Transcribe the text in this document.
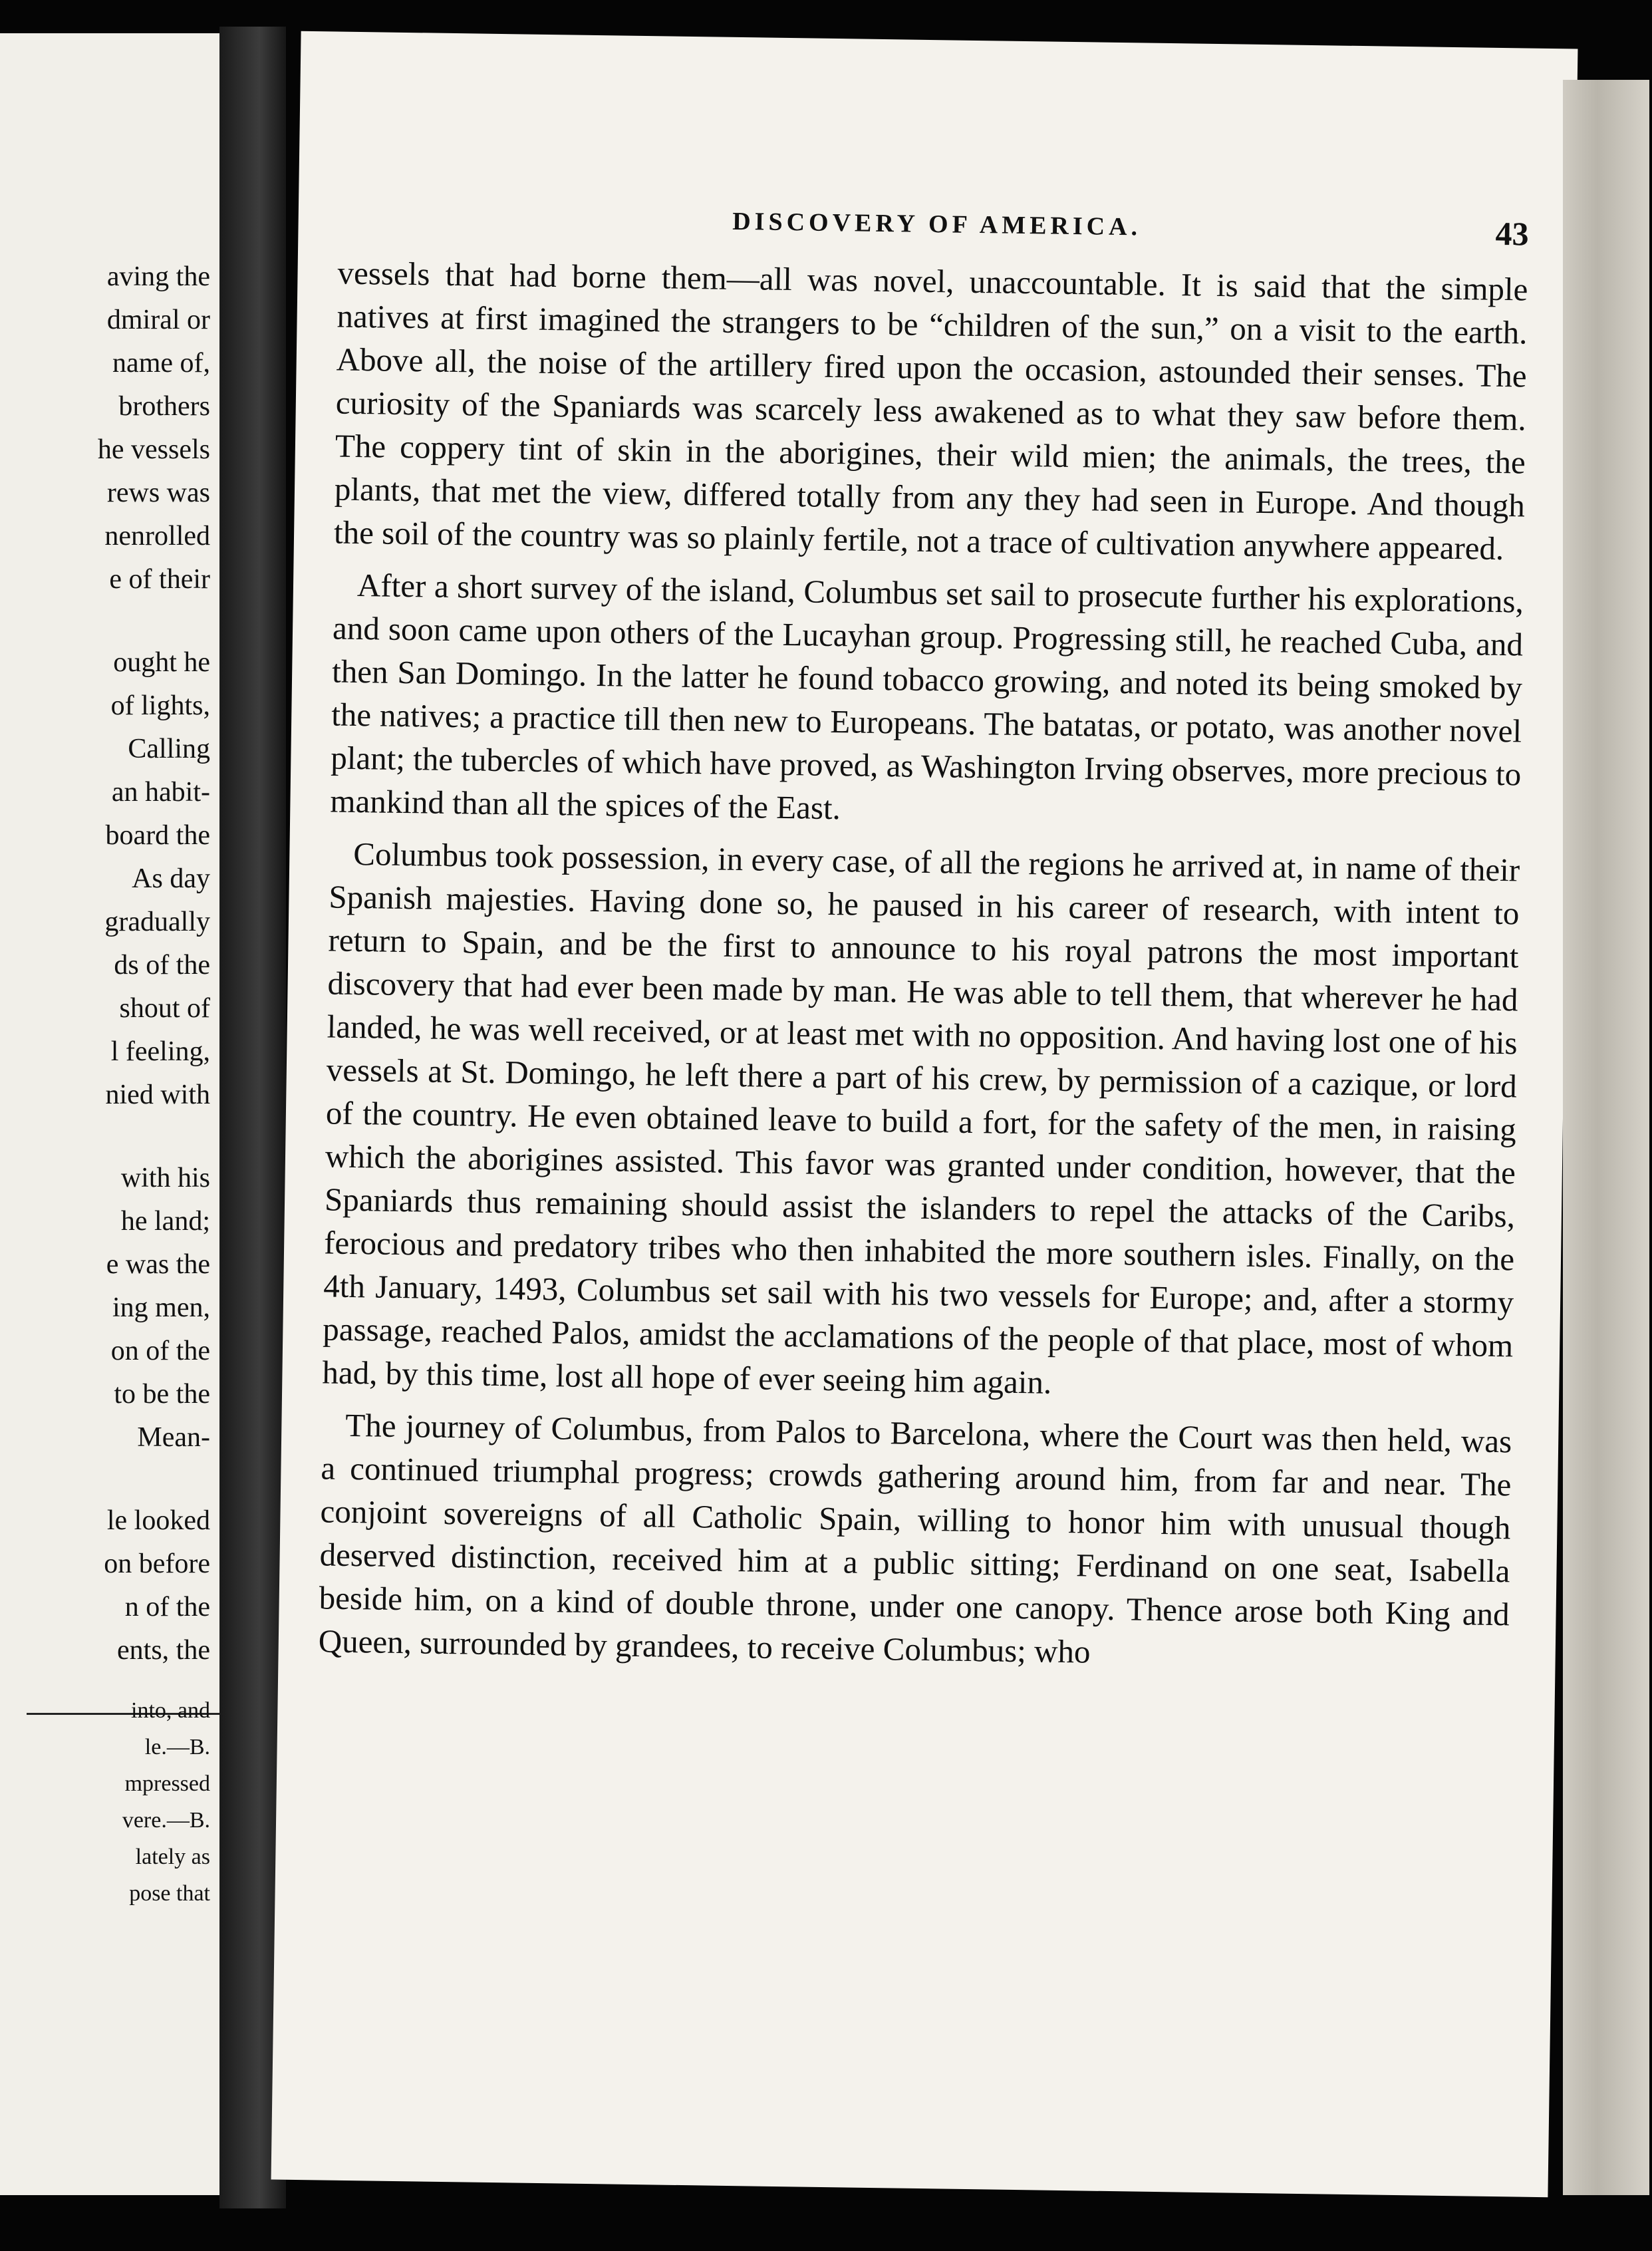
aving the

dmiral or

name of,

brothers

he vessels

rews was

nenrolled

e of their

ought he

of lights,

Calling

an habit-

board the

As day

gradually

ds of the

shout of

l feeling,

nied with

with his

he land;

e was the

ing men,

on of the

to be the

Mean-

le looked

on before

n of the

ents, the

into, and

le.—B.

mpressed

vere.—B.

lately as

pose that

DISCOVERY OF AMERICA.	43

vessels that had borne them—all was novel, unaccountable. It is said that the simple natives at first imagined the strangers to be “children of the sun,” on a visit to the earth. Above all, the noise of the artillery fired upon the occasion, astounded their senses. The curiosity of the Spaniards was scarcely less awakened as to what they saw before them. The coppery tint of skin in the aborigines, their wild mien; the animals, the trees, the plants, that met the view, differed totally from any they had seen in Europe. And though the soil of the country was so plainly fertile, not a trace of cultivation anywhere appeared.

After a short survey of the island, Columbus set sail to prosecute further his explorations, and soon came upon others of the Lucayhan group. Progressing still, he reached Cuba, and then San Domingo. In the latter he found tobacco growing, and noted its being smoked by the natives; a practice till then new to Europeans. The batatas, or potato, was another novel plant; the tubercles of which have proved, as Washington Irving observes, more precious to mankind than all the spices of the East.

Columbus took possession, in every case, of all the regions he arrived at, in name of their Spanish majesties. Having done so, he paused in his career of research, with intent to return to Spain, and be the first to announce to his royal patrons the most important discovery that had ever been made by man. He was able to tell them, that wherever he had landed, he was well received, or at least met with no opposition. And having lost one of his vessels at St. Domingo, he left there a part of his crew, by permission of a cazique, or lord of the country. He even obtained leave to build a fort, for the safety of the men, in raising which the aborigines assisted. This favor was granted under condition, however, that the Spaniards thus remaining should assist the islanders to repel the attacks of the Caribs, ferocious and predatory tribes who then inhabited the more southern isles. Finally, on the 4th January, 1493, Columbus set sail with his two vessels for Europe; and, after a stormy passage, reached Palos, amidst the acclamations of the people of that place, most of whom had, by this time, lost all hope of ever seeing him again.

The journey of Columbus, from Palos to Barcelona, where the Court was then held, was a continued triumphal progress; crowds gathering around him, from far and near. The conjoint sovereigns of all Catholic Spain, willing to honor him with unusual though deserved distinction, received him at a public sitting; Ferdinand on one seat, Isabella beside him, on a kind of double throne, under one canopy. Thence arose both King and Queen, surrounded by grandees, to receive Columbus; who
